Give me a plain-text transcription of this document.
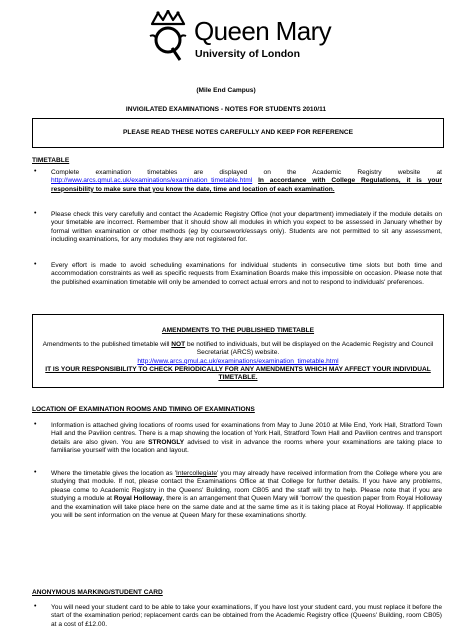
Queen Mary
University of London
(Mile End Campus)
INVIGILATED EXAMINATIONS - NOTES FOR STUDENTS 2010/11
PLEASE READ THESE NOTES CAREFULLY AND KEEP FOR REFERENCE
TIMETABLE
• Complete examination timetables are displayed on the Academic Registry website at http://www.arcs.qmul.ac.uk/examinations/examination_timetable.html In accordance with College Regulations, it is your responsibility to make sure that you know the date, time and location of each examination.
• Please check this very carefully and contact the Academic Registry Office (not your department) immediately if the module details on your timetable are incorrect. Remember that it should show all modules in which you expect to be assessed in January whether by formal written examination or other methods (eg by coursework/essays only). Students are not permitted to sit any assessment, including examinations, for any modules they are not registered for.
• Every effort is made to avoid scheduling examinations for individual students in consecutive time slots but both time and accommodation constraints as well as specific requests from Examination Boards make this impossible on occasion. Please note that the published examination timetable will only be amended to correct actual errors and not to respond to individuals' preferences.
AMENDMENTS TO THE PUBLISHED TIMETABLE
Amendments to the published timetable will NOT be notified to individuals, but will be displayed on the Academic Registry and Council Secretariat (ARCS) website.
http://www.arcs.qmul.ac.uk/examinations/examination_timetable.html
IT IS YOUR RESPONSIBILITY TO CHECK PERIODICALLY FOR ANY AMENDMENTS WHICH MAY AFFECT YOUR INDIVIDUAL TIMETABLE.
LOCATION OF EXAMINATION ROOMS AND TIMING OF EXAMINATIONS
• Information is attached giving locations of rooms used for examinations from May to June 2010 at Mile End, York Hall, Stratford Town Hall and the Pavilion centres. There is a map showing the location of York Hall, Stratford Town Hall and Pavilion centres and transport details are also given. You are STRONGLY advised to visit in advance the rooms where your examinations are taking place to familiarise yourself with the location and layout.
• Where the timetable gives the location as 'Intercollegiate' you may already have received information from the College where you are studying that module. If not, please contact the Examinations Office at that College for further details. If you have any problems, please come to Academic Registry in the Queens' Building, room CB05 and the staff will try to help. Please note that if you are studying a module at Royal Holloway, there is an arrangement that Queen Mary will 'borrow' the question paper from Royal Holloway and the examination will take place here on the same date and at the same time as it is taking place at Royal Holloway. If applicable you will be sent information on the venue at Queen Mary for these examinations shortly.
ANONYMOUS MARKING/STUDENT CARD
• You will need your student card to be able to take your examinations, If you have lost your student card, you must replace it before the start of the examination period; replacement cards can be obtained from the Academic Registry office (Queens' Building, room CB05) at a cost of £12.00.
